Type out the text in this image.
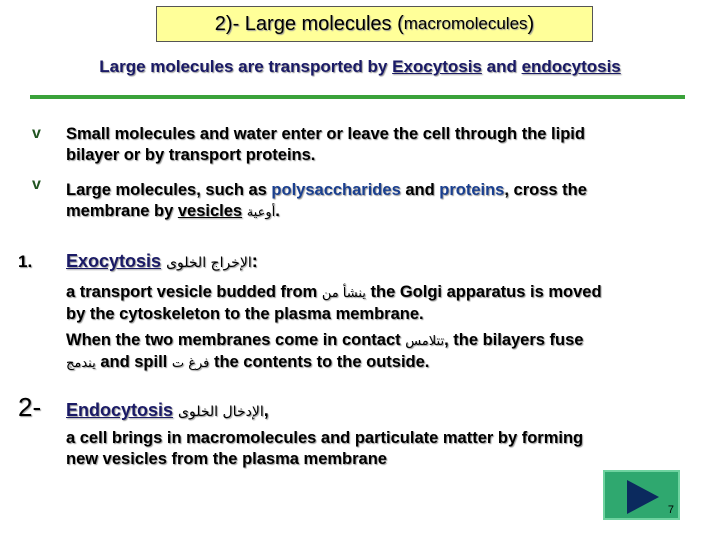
2)- Large molecules ( macromolecules )
Large molecules are transported by Exocytosis and endocytosis
v Small molecules and water enter or leave the cell through the lipid
bilayer or by transport proteins.
v Large molecules, such as polysaccharides and proteins, cross the
membrane by vesicles أوعية.
1. Exocytosis الإخراج الخلوى:
a transport vesicle budded from ينشأ من the Golgi apparatus is moved
by the cytoskeleton to the plasma membrane.
When the two membranes come in contact تتلامس, the bilayers fuse
يندمج and spill فرغ ت the contents to the outside.
2- Endocytosis الإدخال الخلوى,
a cell brings in macromolecules and particulate matter by forming
new vesicles from the plasma membrane
7
